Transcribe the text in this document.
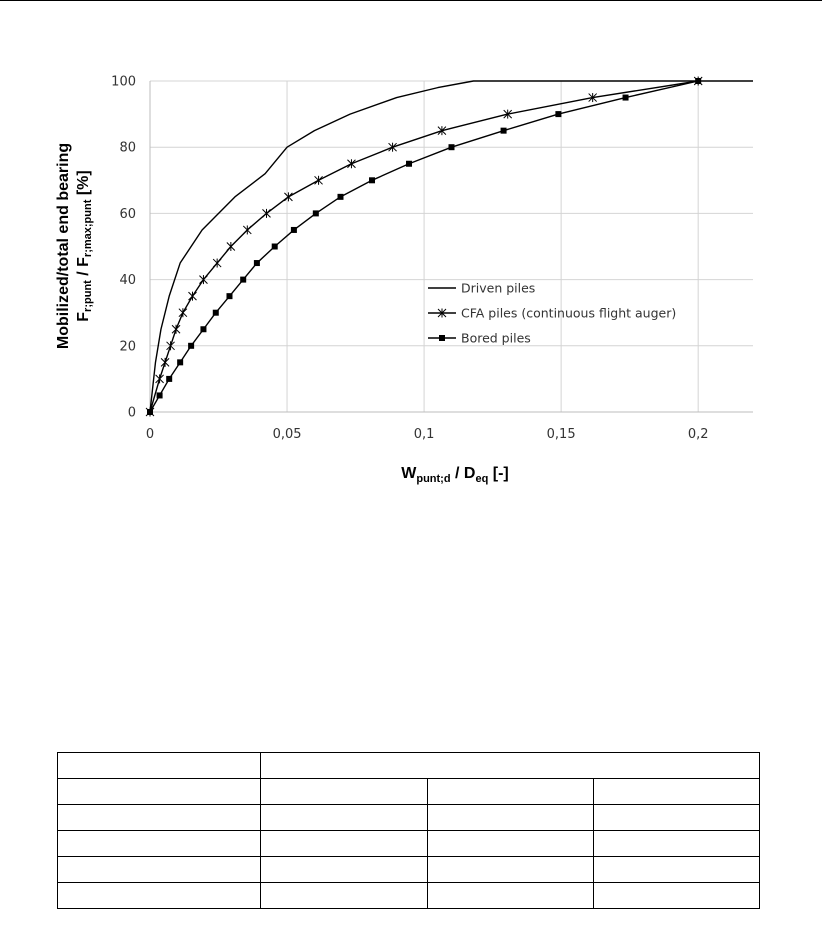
0	0,05	0,1	0,15	0,2
0
20
40
60
80
100
Driven piles
CFA piles (continuous flight auger)
Bored piles
Mobilized/total end bearing Fr;punt / Fr;max;punt [%]
$W_{punt;d} / D_{eq}$ [-]
